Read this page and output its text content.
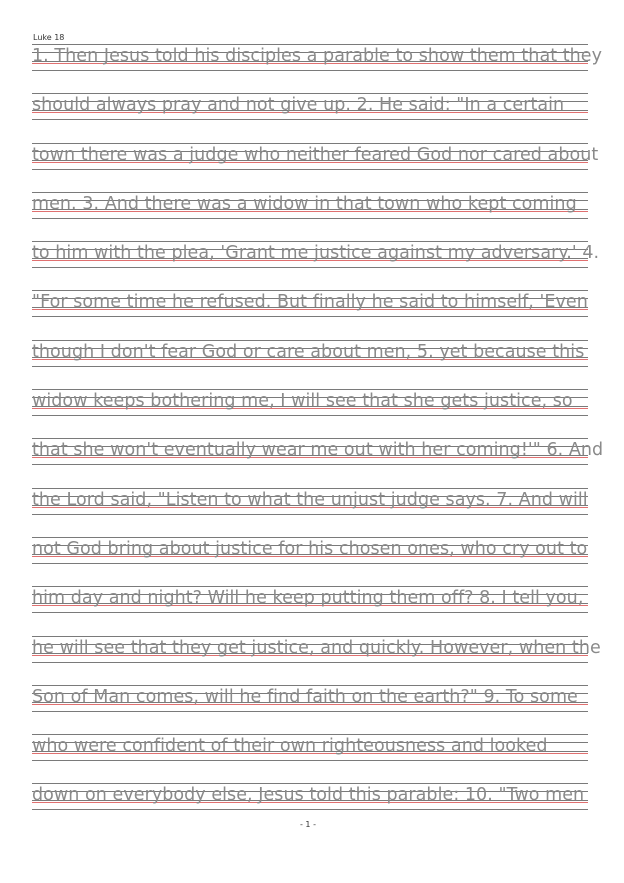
Luke 18
1. Then Jesus told his disciples a parable to show them that they
should always pray and not give up. 2. He said: "In a certain
town there was a judge who neither feared God nor cared about
men. 3. And there was a widow in that town who kept coming
to him with the plea, 'Grant me justice against my adversary.' 4.
"For some time he refused. But finally he said to himself, 'Even
though I don't fear God or care about men, 5. yet because this
widow keeps bothering me, I will see that she gets justice, so
that she won't eventually wear me out with her coming!'" 6. And
the Lord said, "Listen to what the unjust judge says. 7. And will
not God bring about justice for his chosen ones, who cry out to
him day and night? Will he keep putting them off? 8. I tell you,
he will see that they get justice, and quickly. However, when the
Son of Man comes, will he find faith on the earth?" 9. To some
who were confident of their own righteousness and looked
down on everybody else, Jesus told this parable: 10. "Two men
- 1 -
